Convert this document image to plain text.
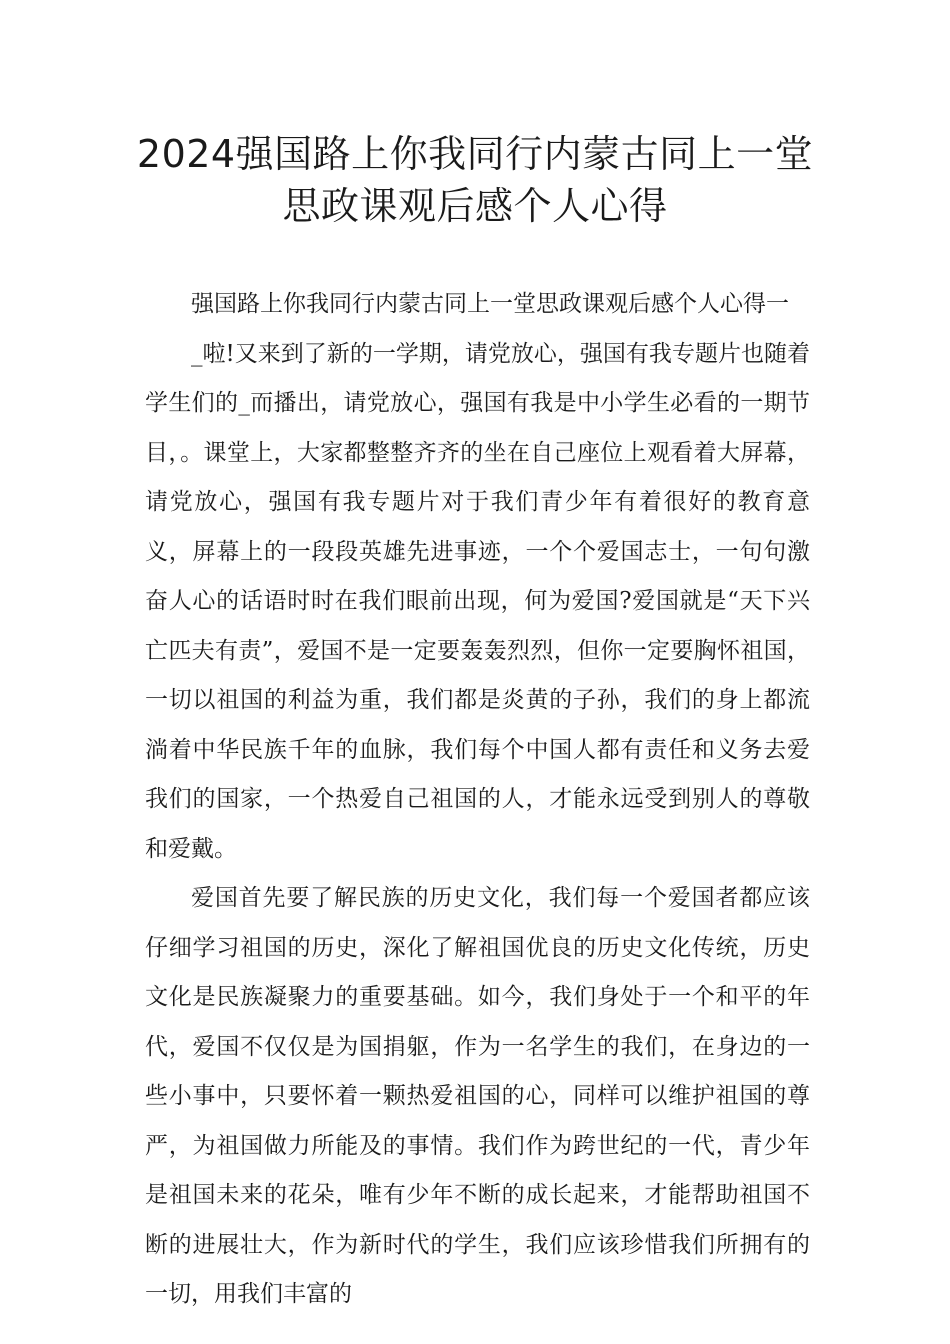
2024强国路上你我同行内蒙古同上一堂
思政课观后感个人心得

强国路上你我同行内蒙古同上一堂思政课观后感个人心得一

_啦!又来到了新的一学期，请党放心，强国有我专题片也随着学生们的_而播出，请党放心，强国有我是中小学生必看的一期节目，。课堂上，大家都整整齐齐的坐在自己座位上观看着大屏幕，请党放心，强国有我专题片对于我们青少年有着很好的教育意义，屏幕上的一段段英雄先进事迹，一个个爱国志士，一句句激奋人心的话语时时在我们眼前出现，何为爱国?爱国就是“天下兴亡匹夫有责”，爱国不是一定要轰轰烈烈，但你一定要胸怀祖国，一切以祖国的利益为重，我们都是炎黄的子孙，我们的身上都流淌着中华民族千年的血脉，我们每个中国人都有责任和义务去爱我们的国家，一个热爱自己祖国的人，才能永远受到别人的尊敬和爱戴。

爱国首先要了解民族的历史文化，我们每一个爱国者都应该仔细学习祖国的历史，深化了解祖国优良的历史文化传统，历史文化是民族凝聚力的重要基础。如今，我们身处于一个和平的年代，爱国不仅仅是为国捐躯，作为一名学生的我们，在身边的一些小事中，只要怀着一颗热爱祖国的心，同样可以维护祖国的尊严，为祖国做力所能及的事情。我们作为跨世纪的一代，青少年是祖国未来的花朵，唯有少年不断的成长起来，才能帮助祖国不断的进展壮大，作为新时代的学生，我们应该珍惜我们所拥有的一切，用我们丰富的
